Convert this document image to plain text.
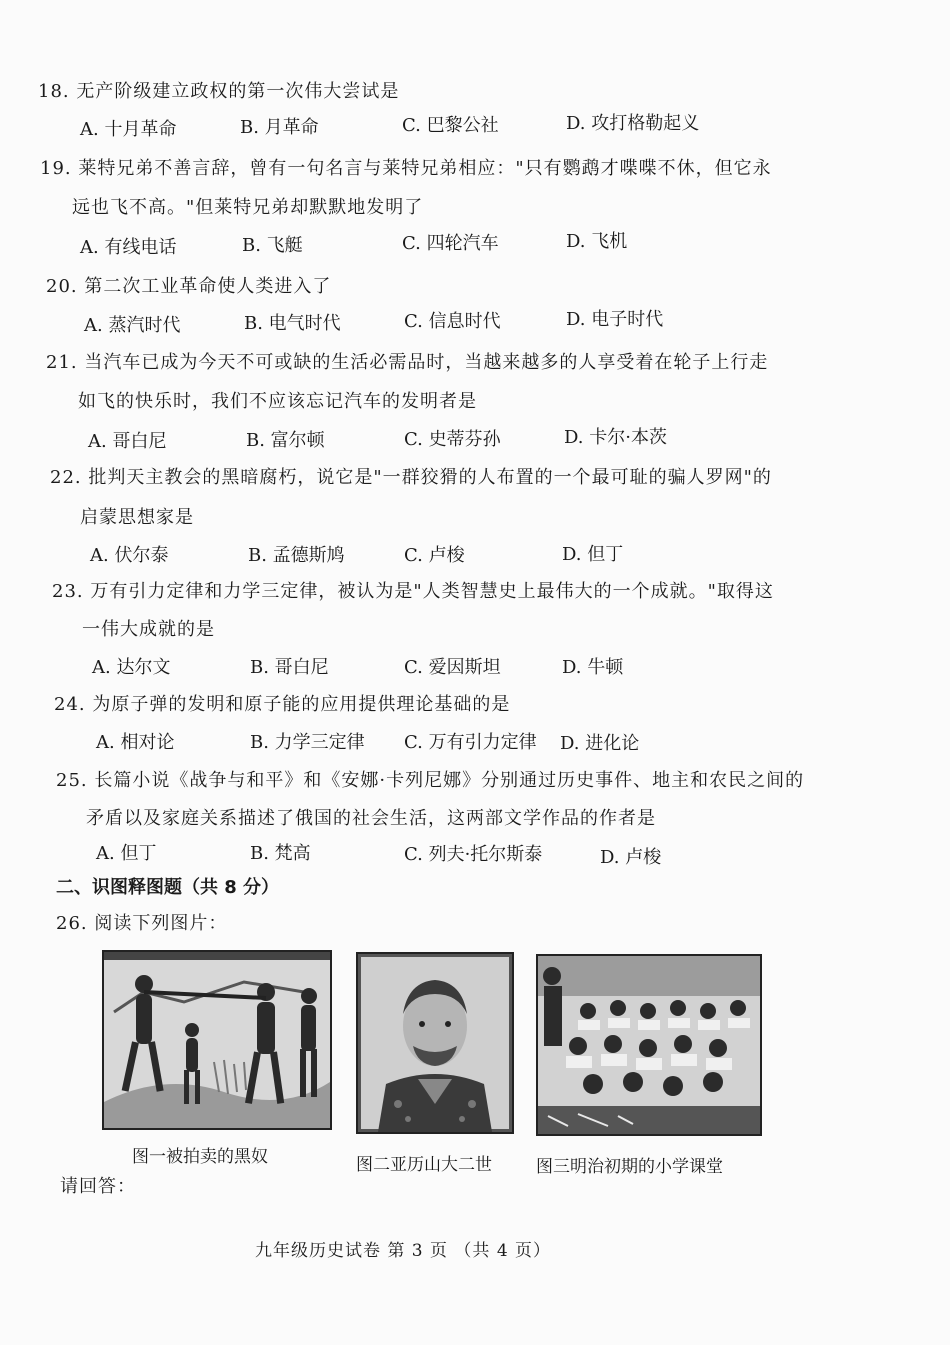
18. 无产阶级建立政权的第一次伟大尝试是
A. 十月革命	B. 月革命	C. 巴黎公社	D. 攻打格勒起义
19. 莱特兄弟不善言辞，曾有一句名言与莱特兄弟相应："只有鹦鹉才喋喋不休，但它永
远也飞不高。"但莱特兄弟却默默地发明了
A. 有线电话	B. 飞艇	C. 四轮汽车	D. 飞机
20. 第二次工业革命使人类进入了
A. 蒸汽时代	B. 电气时代	C. 信息时代	D. 电子时代
21. 当汽车已成为今天不可或缺的生活必需品时，当越来越多的人享受着在轮子上行走
如飞的快乐时，我们不应该忘记汽车的发明者是
A. 哥白尼	B. 富尔顿	C. 史蒂芬孙	D. 卡尔·本茨
22. 批判天主教会的黑暗腐朽，说它是"一群狡猾的人布置的一个最可耻的骗人罗网"的
启蒙思想家是
A. 伏尔泰	B. 孟德斯鸠	C. 卢梭	D. 但丁
23. 万有引力定律和力学三定律，被认为是"人类智慧史上最伟大的一个成就。"取得这
一伟大成就的是
A. 达尔文	B. 哥白尼	C. 爱因斯坦	D. 牛顿
24. 为原子弹的发明和原子能的应用提供理论基础的是
A. 相对论	B. 力学三定律 C. 万有引力定律 D. 进化论
25. 长篇小说《战争与和平》和《安娜·卡列尼娜》分别通过历史事件、地主和农民之间的
矛盾以及家庭关系描述了俄国的社会生活，这两部文学作品的作者是
A. 但丁	B. 梵高	C. 列夫·托尔斯泰	D. 卢梭
二、识图释图题（共 8 分）
26. 阅读下列图片：
图一被拍卖的黑奴	图二亚历山大二世	图三明治初期的小学课堂
请回答：
九年级历史试卷 第 3 页 （共 4 页）
